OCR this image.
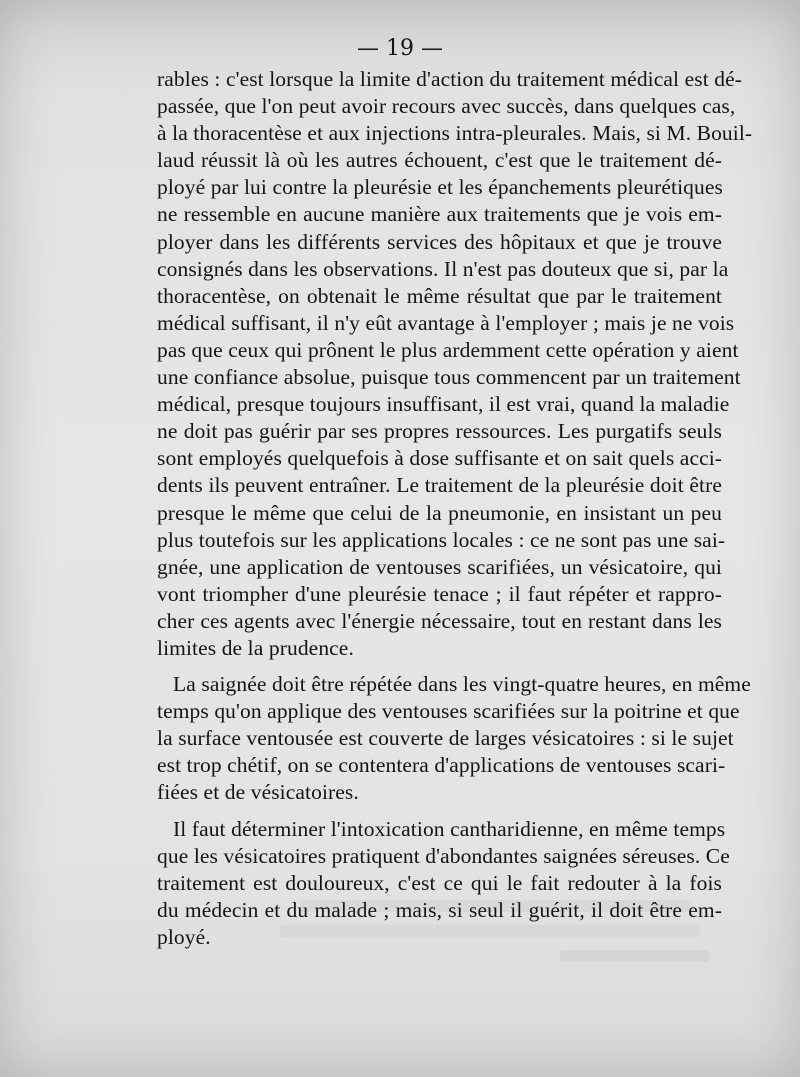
— 19 —
rables : c'est lorsque la limite d'action du traitement médical est dé-
passée, que l'on peut avoir recours avec succès, dans quelques cas,
à la thoracentèse et aux injections intra-pleurales. Mais, si M. Bouil-
laud réussit là où les autres échouent, c'est que le traitement dé-
ployé par lui contre la pleurésie et les épanchements pleurétiques
ne ressemble en aucune manière aux traitements que je vois em-
ployer dans les différents services des hôpitaux et que je trouve
consignés dans les observations. Il n'est pas douteux que si, par la
thoracentèse, on obtenait le même résultat que par le traitement
médical suffisant, il n'y eût avantage à l'employer ; mais je ne vois
pas que ceux qui prônent le plus ardemment cette opération y aient
une confiance absolue, puisque tous commencent par un traitement
médical, presque toujours insuffisant, il est vrai, quand la maladie
ne doit pas guérir par ses propres ressources. Les purgatifs seuls
sont employés quelquefois à dose suffisante et on sait quels acci-
dents ils peuvent entraîner. Le traitement de la pleurésie doit être
presque le même que celui de la pneumonie, en insistant un peu
plus toutefois sur les applications locales : ce ne sont pas une sai-
gnée, une application de ventouses scarifiées, un vésicatoire, qui
vont triompher d'une pleurésie tenace ; il faut répéter et rappro-
cher ces agents avec l'énergie nécessaire, tout en restant dans les
limites de la prudence.
La saignée doit être répétée dans les vingt-quatre heures, en même
temps qu'on applique des ventouses scarifiées sur la poitrine et que
la surface ventousée est couverte de larges vésicatoires : si le sujet
est trop chétif, on se contentera d'applications de ventouses scari-
fiées et de vésicatoires.
Il faut déterminer l'intoxication cantharidienne, en même temps
que les vésicatoires pratiquent d'abondantes saignées séreuses. Ce
traitement est douloureux, c'est ce qui le fait redouter à la fois
du médecin et du malade ; mais, si seul il guérit, il doit être em-
ployé.
